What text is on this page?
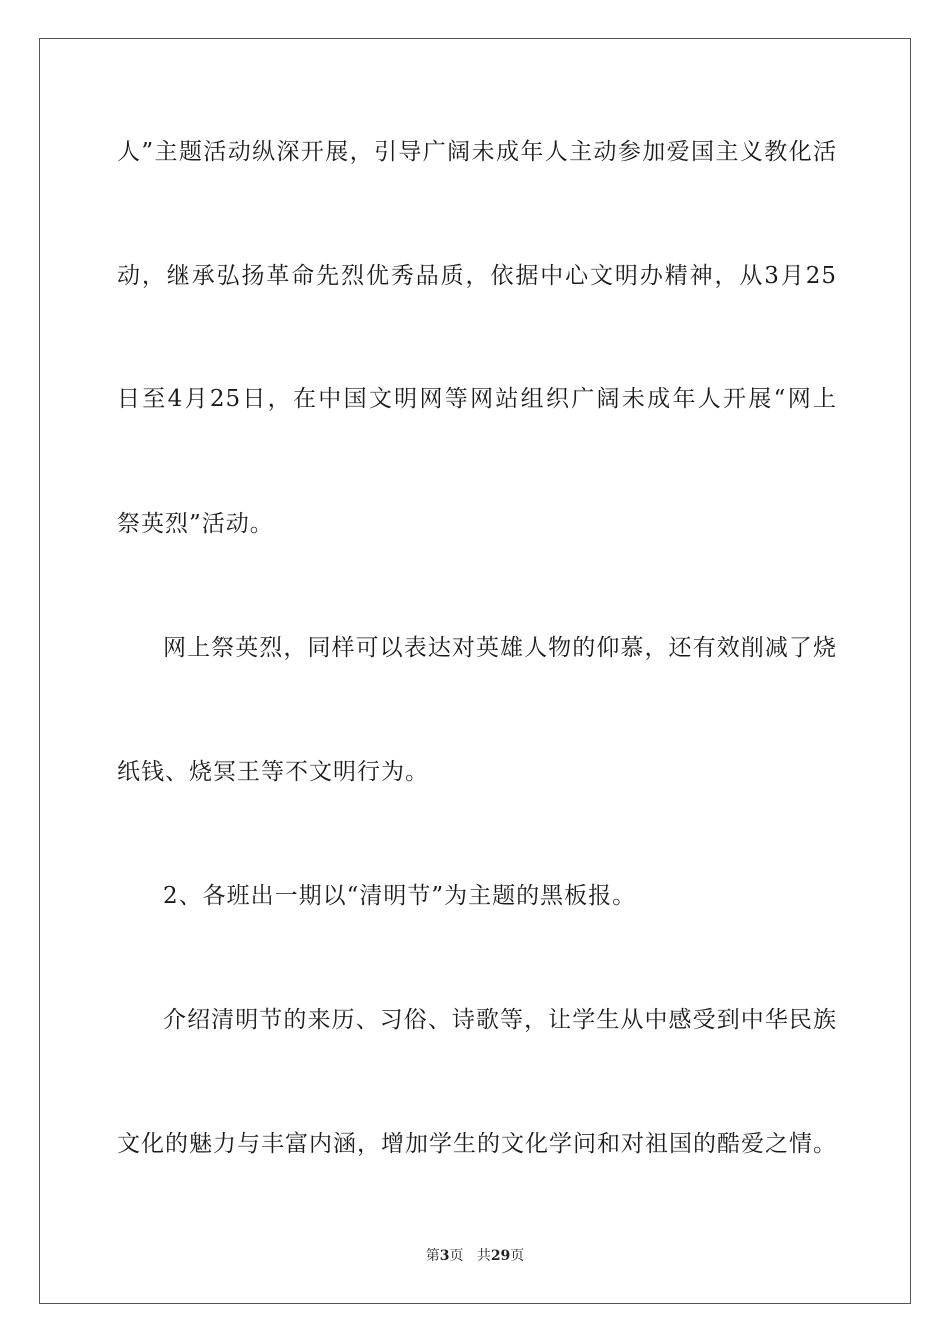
人”主题活动纵深开展，引导广阔未成年人主动参加爱国主义教化活
动，继承弘扬革命先烈优秀品质，依据中心文明办精神，从3月25
日至4月25日，在中国文明网等网站组织广阔未成年人开展“网上
祭英烈”活动。
网上祭英烈，同样可以表达对英雄人物的仰慕，还有效削减了烧
纸钱、烧冥王等不文明行为。
2、各班出一期以“清明节”为主题的黑板报。
介绍清明节的来历、习俗、诗歌等，让学生从中感受到中华民族
文化的魅力与丰富内涵，增加学生的文化学问和对祖国的酷爱之情。
第3页 共29页
